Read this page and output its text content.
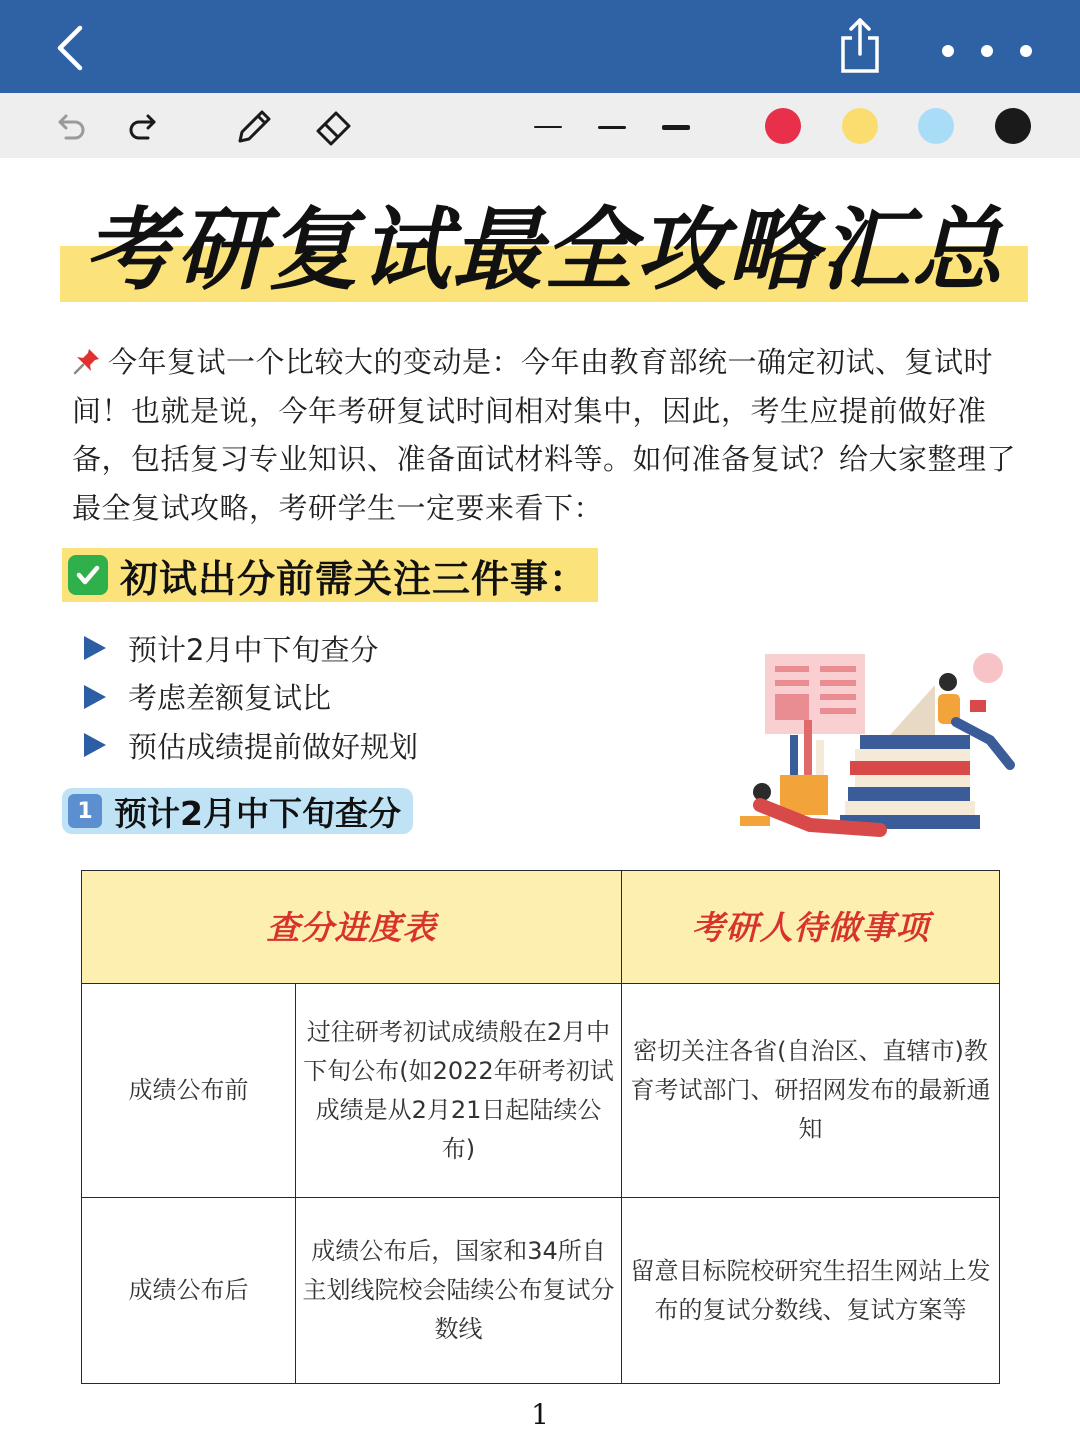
考研复试最全攻略汇总

今年复试一个比较大的变动是：今年由教育部统一确定初试、复试时间！也就是说，今年考研复试时间相对集中，因此，考生应提前做好准备，包括复习专业知识、准备面试材料等。如何准备复试？给大家整理了最全复试攻略，考研学生一定要来看下：

初试出分前需关注三件事：
预计2月中下旬查分
考虑差额复试比
预估成绩提前做好规划
1 预计2月中下旬查分
查分进度表		考研人待做事项
成绩公布前	过往研考初试成绩般在2月中下旬公布(如2022年研考初试成绩是从2月21日起陆续公布)	密切关注各省(自治区、直辖市)教育考试部门、研招网发布的最新通知
成绩公布后	成绩公布后，国家和34所自主划线院校会陆续公布复试分数线	留意目标院校研究生招生网站上发布的复试分数线、复试方案等
1
